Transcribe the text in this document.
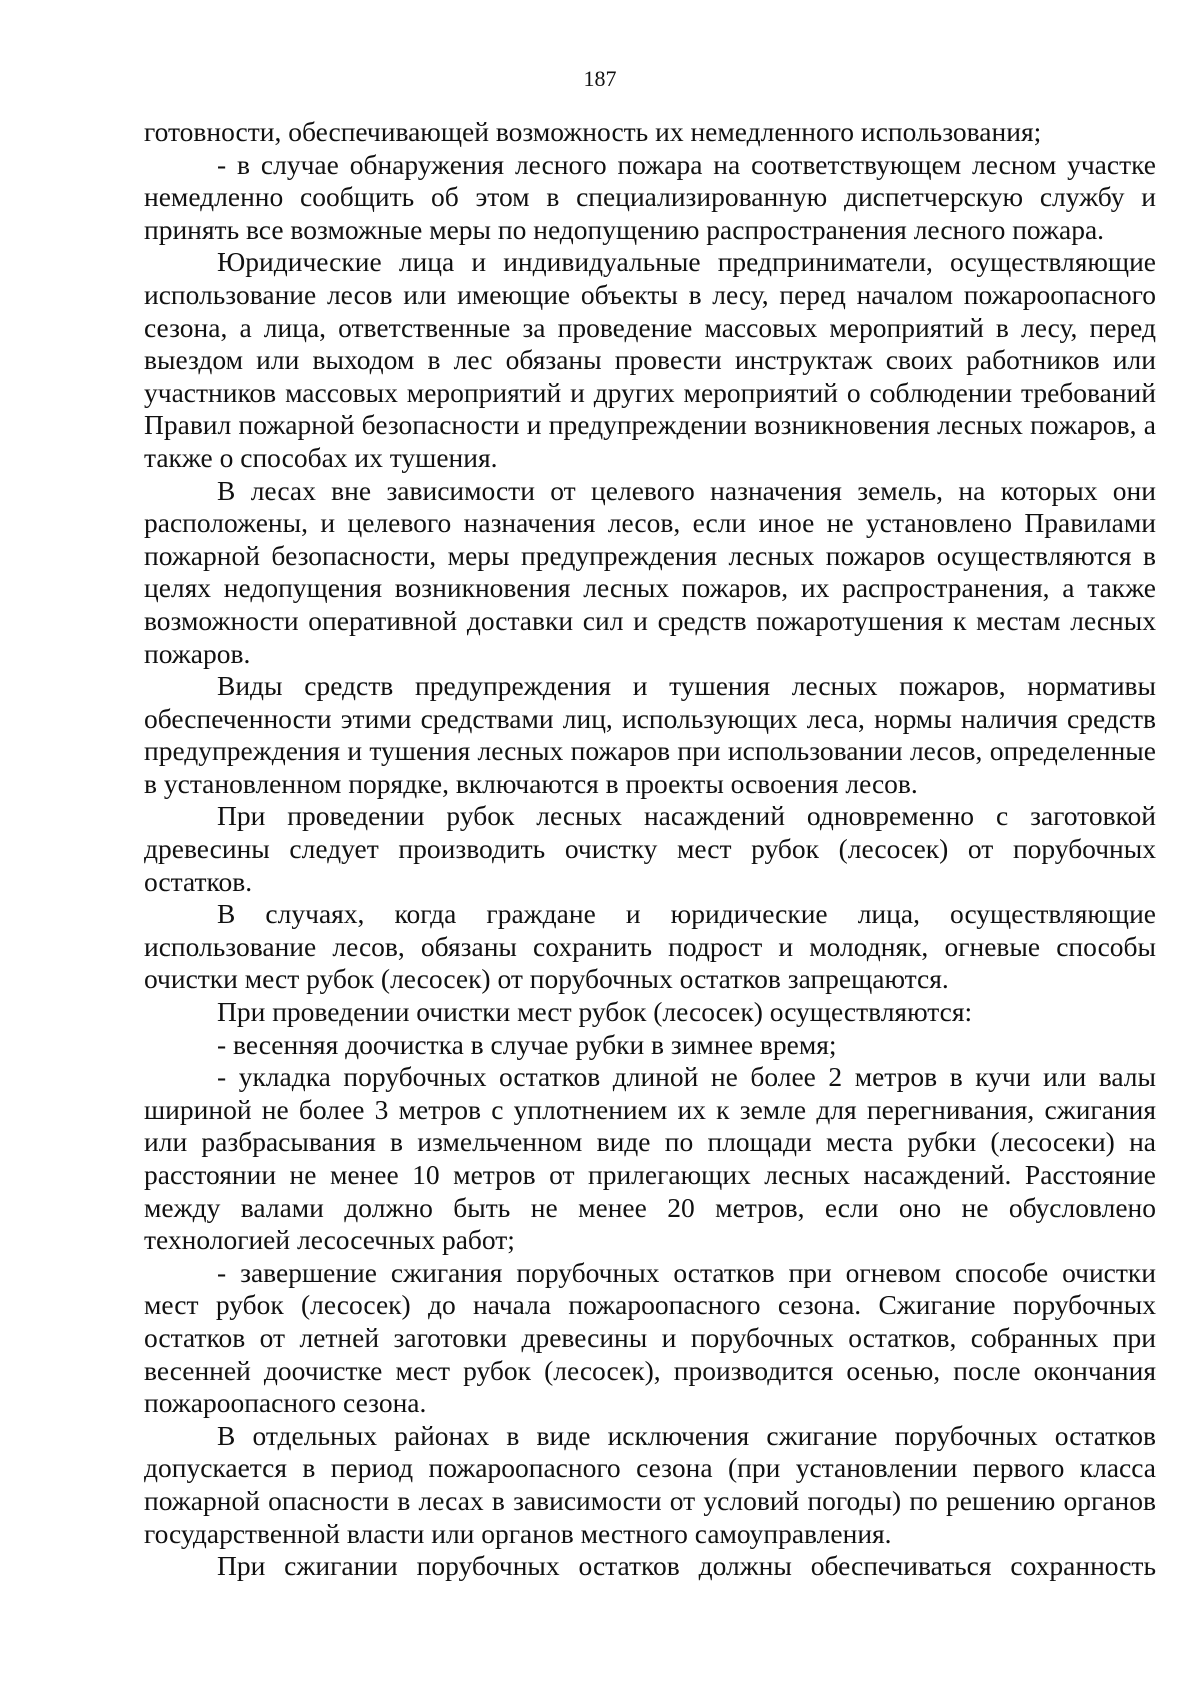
187

готовности, обеспечивающей возможность их немедленного использования;

- в случае обнаружения лесного пожара на соответствующем лесном участке немедленно сообщить об этом в специализированную диспетчерскую службу и принять все возможные меры по недопущению распространения лесного пожара.

Юридические лица и индивидуальные предприниматели, осуществляющие использование лесов или имеющие объекты в лесу, перед началом пожароопасного сезона, а лица, ответственные за проведение массовых мероприятий в лесу, перед выездом или выходом в лес обязаны провести инструктаж своих работников или участников массовых мероприятий и других мероприятий о соблюдении требований Правил пожарной безопасности и предупреждении возникновения лесных пожаров, а также о способах их тушения.

В лесах вне зависимости от целевого назначения земель, на которых они расположены, и целевого назначения лесов, если иное не установлено Правилами пожарной безопасности, меры предупреждения лесных пожаров осуществляются в целях недопущения возникновения лесных пожаров, их распространения, а также возможности оперативной доставки сил и средств пожаротушения к местам лесных пожаров.

Виды средств предупреждения и тушения лесных пожаров, нормативы обеспеченности этими средствами лиц, использующих леса, нормы наличия средств предупреждения и тушения лесных пожаров при использовании лесов, определенные в установленном порядке, включаются в проекты освоения лесов.

При проведении рубок лесных насаждений одновременно с заготовкой древесины следует производить очистку мест рубок (лесосек) от порубочных остатков.

В случаях, когда граждане и юридические лица, осуществляющие использование лесов, обязаны сохранить подрост и молодняк, огневые способы очистки мест рубок (лесосек) от порубочных остатков запрещаются.

При проведении очистки мест рубок (лесосек) осуществляются:

- весенняя доочистка в случае рубки в зимнее время;

- укладка порубочных остатков длиной не более 2 метров в кучи или валы шириной не более 3 метров с уплотнением их к земле для перегнивания, сжигания или разбрасывания в измельченном виде по площади места рубки (лесосеки) на расстоянии не менее 10 метров от прилегающих лесных насаждений. Расстояние между валами должно быть не менее 20 метров, если оно не обусловлено технологией лесосечных работ;

- завершение сжигания порубочных остатков при огневом способе очистки мест рубок (лесосек) до начала пожароопасного сезона. Сжигание порубочных остатков от летней заготовки древесины и порубочных остатков, собранных при весенней доочистке мест рубок (лесосек), производится осенью, после окончания пожароопасного сезона.

В отдельных районах в виде исключения сжигание порубочных остатков допускается в период пожароопасного сезона (при установлении первого класса пожарной опасности в лесах в зависимости от условий погоды) по решению органов государственной власти или органов местного самоуправления.

При сжигании порубочных остатков должны обеспечиваться сохранность
